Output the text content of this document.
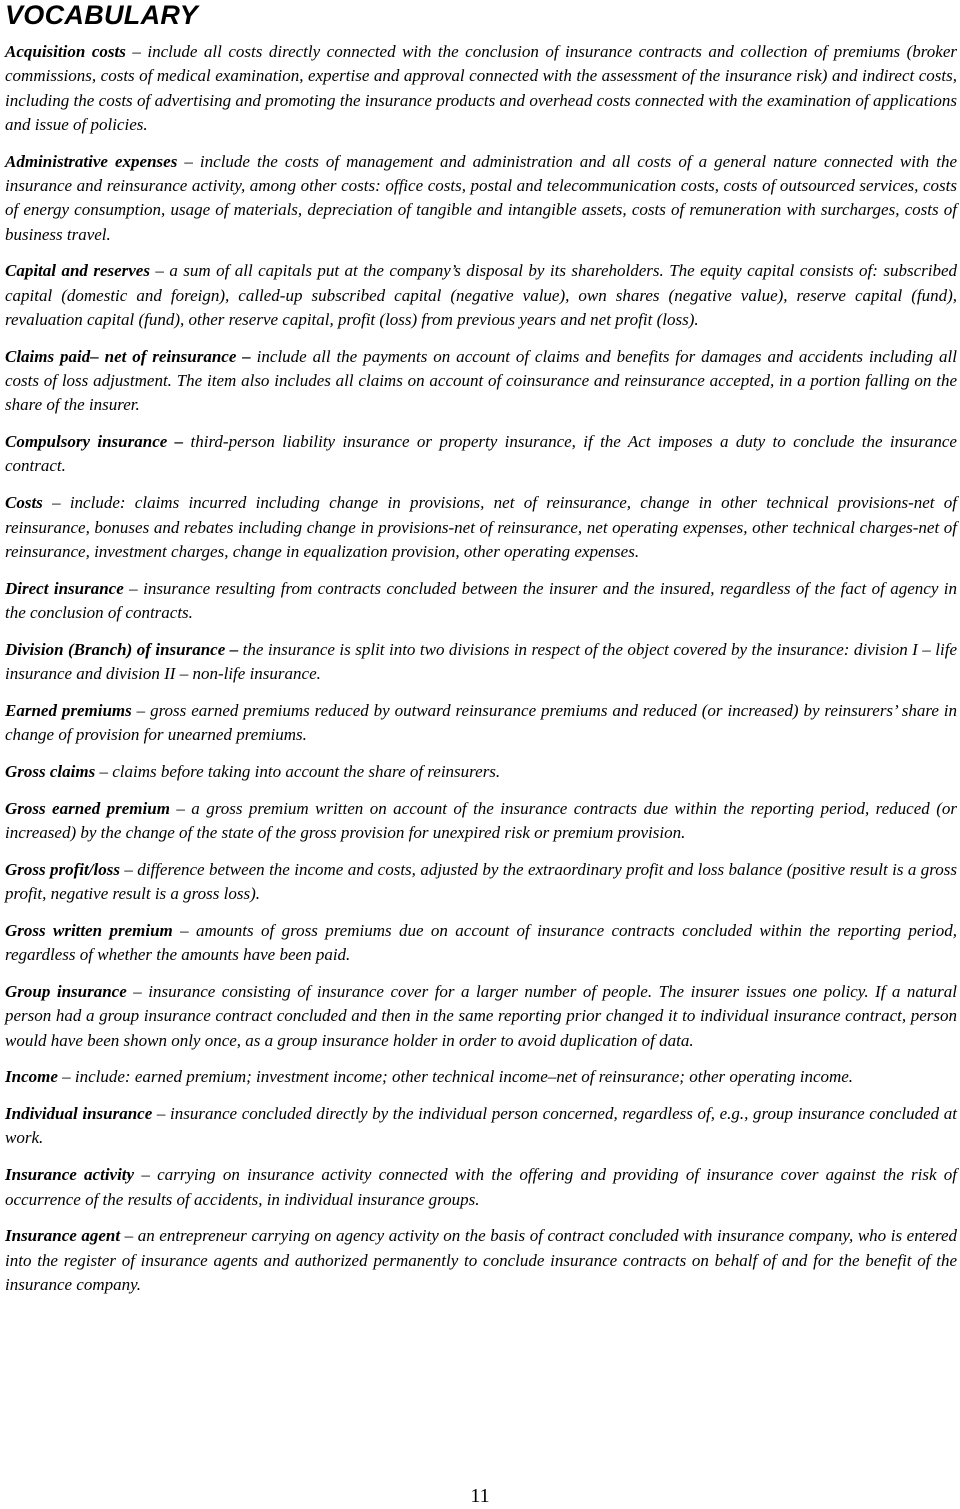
VOCABULARY

Acquisition costs – include all costs directly connected with the conclusion of insurance contracts and collection of premiums (broker commissions, costs of medical examination, expertise and approval connected with the assessment of the insurance risk) and indirect costs, including the costs of advertising and promoting the insurance products and overhead costs connected with the examination of applications and issue of policies.

Administrative expenses – include the costs of management and administration and all costs of a general nature connected with the insurance and reinsurance activity, among other costs: office costs, postal and telecommunication costs, costs of outsourced services, costs of energy consumption, usage of materials, depreciation of tangible and intangible assets, costs of remuneration with surcharges, costs of business travel.

Capital and reserves – a sum of all capitals put at the company’s disposal by its shareholders. The equity capital consists of: subscribed capital (domestic and foreign), called-up subscribed capital (negative value), own shares (negative value), reserve capital (fund), revaluation capital (fund), other reserve capital, profit (loss) from previous years and net profit (loss).

Claims paid– net of reinsurance – include all the payments on account of claims and benefits for damages and accidents including all costs of loss adjustment. The item also includes all claims on account of coinsurance and reinsurance accepted, in a portion falling on the share of the insurer.

Compulsory insurance – third-person liability insurance or property insurance, if the Act imposes a duty to conclude the insurance contract.

Costs – include: claims incurred including change in provisions, net of reinsurance, change in other technical provisions-net of reinsurance, bonuses and rebates including change in provisions-net of reinsurance, net operating expenses, other technical charges-net of reinsurance, investment charges, change in equalization provision, other operating expenses.

Direct insurance – insurance resulting from contracts concluded between the insurer and the insured, regardless of the fact of agency in the conclusion of contracts.

Division (Branch) of insurance – the insurance is split into two divisions in respect of the object covered by the insurance: division I – life insurance and division II – non-life insurance.

Earned premiums – gross earned premiums reduced by outward reinsurance premiums and reduced (or increased) by reinsurers’ share in change of provision for unearned premiums.

Gross claims – claims before taking into account the share of reinsurers.

Gross earned premium – a gross premium written on account of the insurance contracts due within the reporting period, reduced (or increased) by the change of the state of the gross provision for unexpired risk or premium provision.

Gross profit/loss – difference between the income and costs, adjusted by the extraordinary profit and loss balance (positive result is a gross profit, negative result is a gross loss).

Gross written premium – amounts of gross premiums due on account of insurance contracts concluded within the reporting period, regardless of whether the amounts have been paid.

Group insurance – insurance consisting of insurance cover for a larger number of people. The insurer issues one policy. If a natural person had a group insurance contract concluded and then in the same reporting prior changed it to individual insurance contract, person would have been shown only once, as a group insurance holder in order to avoid duplication of data.

Income – include: earned premium; investment income; other technical income–net of reinsurance; other operating income.

Individual insurance – insurance concluded directly by the individual person concerned, regardless of, e.g., group insurance concluded at work.

Insurance activity – carrying on insurance activity connected with the offering and providing of insurance cover against the risk of occurrence of the results of accidents, in individual insurance groups.

Insurance agent – an entrepreneur carrying on agency activity on the basis of contract concluded with insurance company, who is entered into the register of insurance agents and authorized permanently to conclude insurance contracts on behalf of and for the benefit of the insurance company.

11
